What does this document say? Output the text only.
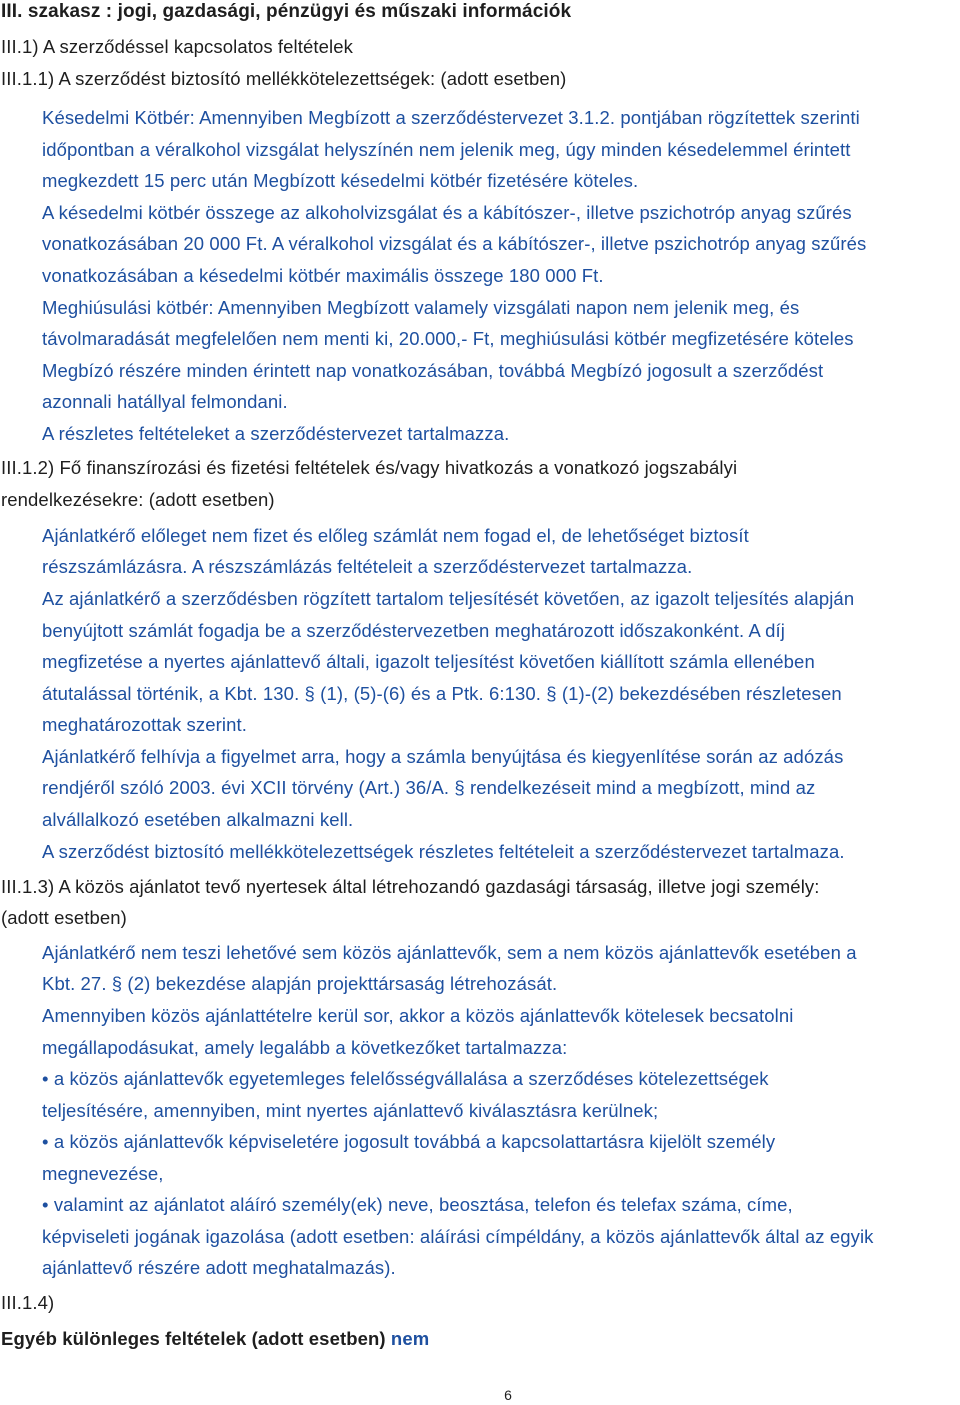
III. szakasz : jogi, gazdasági, pénzügyi és műszaki információk
III.1) A szerződéssel kapcsolatos feltételek
III.1.1) A szerződést biztosító mellékkötelezettségek: (adott esetben)
Késedelmi Kötbér: Amennyiben Megbízott a szerződéstervezet 3.1.2. pontjában rögzítettek szerinti
időpontban a véralkohol vizsgálat helyszínén nem jelenik meg, úgy minden késedelemmel érintett
megkezdett 15 perc után Megbízott késedelmi kötbér fizetésére köteles.
A késedelmi kötbér összege az alkoholvizsgálat és a kábítószer-, illetve pszichotróp anyag szűrés
vonatkozásában 20 000 Ft. A véralkohol vizsgálat és a kábítószer-, illetve pszichotróp anyag szűrés
vonatkozásában a késedelmi kötbér maximális összege 180 000 Ft.
Meghiúsulási kötbér: Amennyiben Megbízott valamely vizsgálati napon nem jelenik meg, és
távolmaradását megfelelően nem menti ki, 20.000,- Ft, meghiúsulási kötbér megfizetésére köteles
Megbízó részére minden érintett nap vonatkozásában, továbbá Megbízó jogosult a szerződést
azonnali hatállyal felmondani.
A részletes feltételeket a szerződéstervezet tartalmazza.
III.1.2) Fő finanszírozási és fizetési feltételek és/vagy hivatkozás a vonatkozó jogszabályi
rendelkezésekre: (adott esetben)
Ajánlatkérő előleget nem fizet és előleg számlát nem fogad el, de lehetőséget biztosít
részszámlázásra. A részszámlázás feltételeit a szerződéstervezet tartalmazza.
Az ajánlatkérő a szerződésben rögzített tartalom teljesítését követően, az igazolt teljesítés alapján
benyújtott számlát fogadja be a szerződéstervezetben meghatározott időszakonként. A díj
megfizetése a nyertes ajánlattevő általi, igazolt teljesítést követően kiállított számla ellenében
átutalással történik, a Kbt. 130. § (1), (5)-(6) és a Ptk. 6:130. § (1)-(2) bekezdésében részletesen
meghatározottak szerint.
Ajánlatkérő felhívja a figyelmet arra, hogy a számla benyújtása és kiegyenlítése során az adózás
rendjéről szóló 2003. évi XCII törvény (Art.) 36/A. § rendelkezéseit mind a megbízott, mind az
alvállalkozó esetében alkalmazni kell.
A szerződést biztosító mellékkötelezettségek részletes feltételeit a szerződéstervezet tartalmaza.
III.1.3) A közös ajánlatot tevő nyertesek által létrehozandó gazdasági társaság, illetve jogi személy:
(adott esetben)
Ajánlatkérő nem teszi lehetővé sem közös ajánlattevők, sem a nem közös ajánlattevők esetében a
Kbt. 27. § (2) bekezdése alapján projekttársaság létrehozását.
Amennyiben közös ajánlattételre kerül sor, akkor a közös ajánlattevők kötelesek becsatolni
megállapodásukat, amely legalább a következőket tartalmazza:
• a közös ajánlattevők egyetemleges felelősségvállalása a szerződéses kötelezettségek
teljesítésére, amennyiben, mint nyertes ajánlattevő kiválasztásra kerülnek;
• a közös ajánlattevők képviseletére jogosult továbbá a kapcsolattartásra kijelölt személy
megnevezése,
• valamint az ajánlatot aláíró személy(ek) neve, beosztása, telefon és telefax száma, címe,
képviseleti jogának igazolása (adott esetben: aláírási címpéldány, a közös ajánlattevők által az egyik
ajánlattevő részére adott meghatalmazás).
III.1.4)
Egyéb különleges feltételek (adott esetben) nem
6
